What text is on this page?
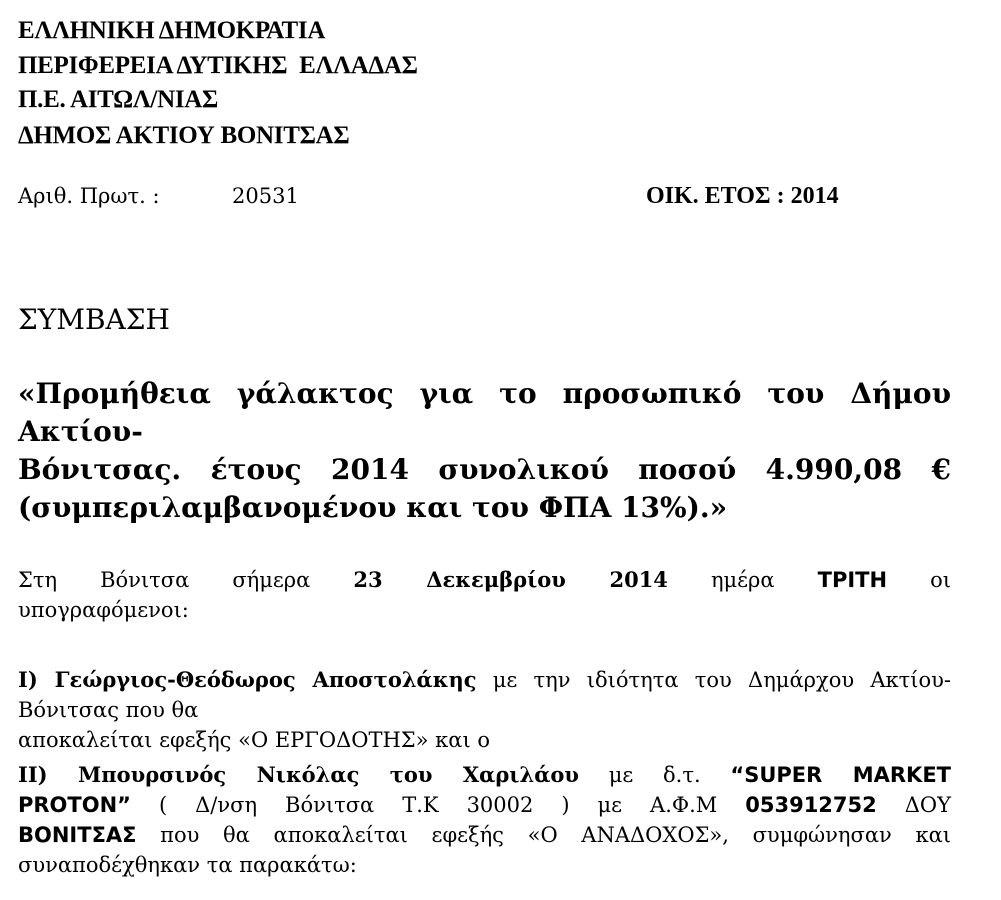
ΕΛΛΗΝΙΚΗ ΔΗΜΟΚΡΑΤΙΑ
ΠΕΡΙΦΕΡΕΙΑ ΔΥΤΙΚΗΣ  ΕΛΛΑΔΑΣ
Π.Ε. ΑΙΤΩΛ/ΝΙΑΣ
ΔΗΜΟΣ ΑΚΤΙΟΥ ΒΟΝΙΤΣΑΣ
Αριθ. Πρωτ. :	20531	ΟΙΚ. ΕΤΟΣ : 2014
ΣΥΜΒΑΣΗ
«Προμήθεια γάλακτος για το προσωπικό του Δήμου Ακτίου-
Βόνιτσας. έτους 2014 συνολικού ποσού 4.990,08 €
(συμπεριλαμβανομένου και του ΦΠΑ 13%).»
Στη Βόνιτσα σήμερα 23 Δεκεμβρίου 2014 ημέρα ΤΡΙΤΗ οι
υπογραφόμενοι:
Ι) Γεώργιος-Θεόδωρος Αποστολάκης με την ιδιότητα του Δημάρχου Ακτίου-
Βόνιτσας που θα
αποκαλείται εφεξής «Ο ΕΡΓΟΔΟΤΗΣ» και ο
ΙΙ) Μπουρσινός Νικόλας του Χαριλάου με δ.τ. “SUPER MARKET
PROTON” ( Δ/νση Βόνιτσα Τ.Κ 30002 ) με Α.Φ.Μ 053912752 ΔΟΥ
ΒΟΝΙΤΣΑΣ που θα αποκαλείται εφεξής «Ο ΑΝΑΔΟΧΟΣ», συμφώνησαν και
συναποδέχθηκαν τα παρακάτω:
